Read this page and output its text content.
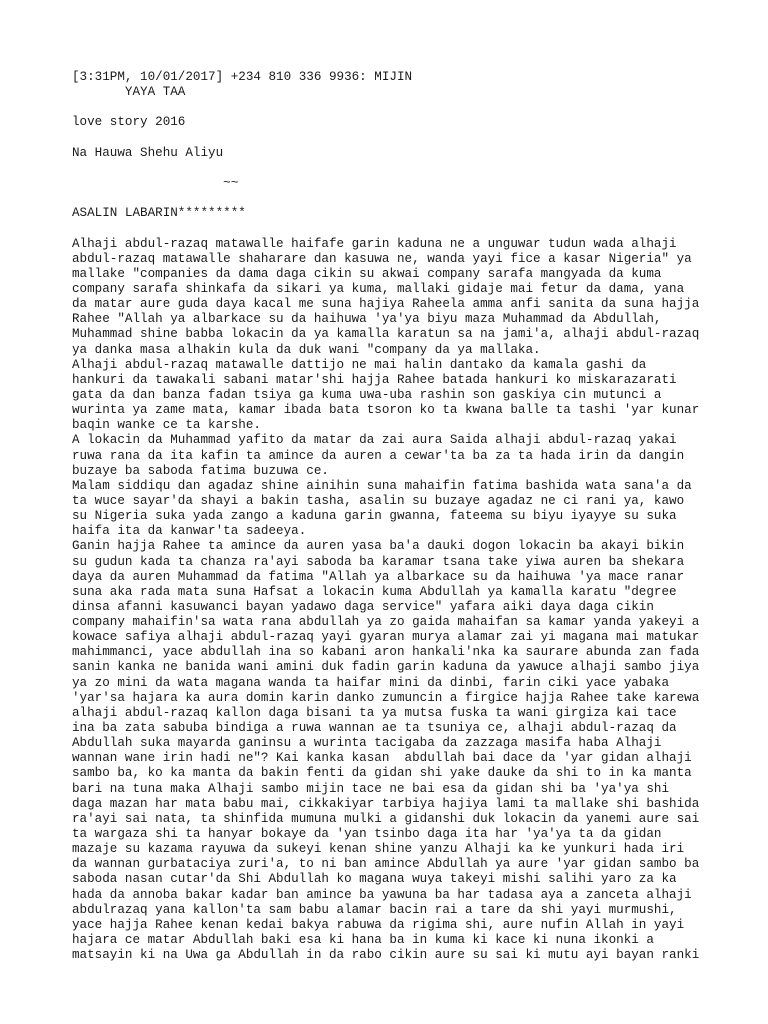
[3:31PM, 10/01/2017] +234 810 336 9936: MIJIN
YAYA TAA
love story 2016
Na Hauwa Shehu Aliyu
~~
ASALIN LABARIN*********
Alhaji abdul-razaq matawalle haifafe garin kaduna ne a unguwar tudun wada alhaji
abdul-razaq matawalle shaharare dan kasuwa ne, wanda yayi fice a kasar Nigeria" ya
mallake "companies da dama daga cikin su akwai company sarafa mangyada da kuma
company sarafa shinkafa da sikari ya kuma, mallaki gidaje mai fetur da dama, yana
da matar aure guda daya kacal me suna hajiya Raheela amma anfi sanita da suna hajja
Rahee "Allah ya albarkace su da haihuwa 'ya'ya biyu maza Muhammad da Abdullah,
Muhammad shine babba lokacin da ya kamalla karatun sa na jami'a, alhaji abdul-razaq
ya danka masa alhakin kula da duk wani "company da ya mallaka.
Alhaji abdul-razaq matawalle dattijo ne mai halin dantako da kamala gashi da
hankuri da tawakali sabani matar'shi hajja Rahee batada hankuri ko miskarazarati
gata da dan banza fadan tsiya ga kuma uwa-uba rashin son gaskiya cin mutunci a
wurinta ya zame mata, kamar ibada bata tsoron ko ta kwana balle ta tashi 'yar kunar
baqin wanke ce ta karshe.
A lokacin da Muhammad yafito da matar da zai aura Saida alhaji abdul-razaq yakai
ruwa rana da ita kafin ta amince da auren a cewar'ta ba za ta hada irin da dangin
buzaye ba saboda fatima buzuwa ce.
Malam siddiqu dan agadaz shine ainihin suna mahaifin fatima bashida wata sana'a da
ta wuce sayar'da shayi a bakin tasha, asalin su buzaye agadaz ne ci rani ya, kawo
su Nigeria suka yada zango a kaduna garin gwanna, fateema su biyu iyayye su suka
haifa ita da kanwar'ta sadeeya.
Ganin hajja Rahee ta amince da auren yasa ba'a dauki dogon lokacin ba akayi bikin
su gudun kada ta chanza ra'ayi saboda ba karamar tsana take yiwa auren ba shekara
daya da auren Muhammad da fatima "Allah ya albarkace su da haihuwa 'ya mace ranar
suna aka rada mata suna Hafsat a lokacin kuma Abdullah ya kamalla karatu "degree
dinsa afanni kasuwanci bayan yadawo daga service" yafara aiki daya daga cikin
company mahaifin'sa wata rana abdullah ya zo gaida mahaifan sa kamar yanda yakeyi a
kowace safiya alhaji abdul-razaq yayi gyaran murya alamar zai yi magana mai matukar
mahimmanci, yace abdullah ina so kabani aron hankali'nka ka saurare abunda zan fada
sanin kanka ne banida wani amini duk fadin garin kaduna da yawuce alhaji sambo jiya
ya zo mini da wata magana wanda ta haifar mini da dinbi, farin ciki yace yabaka
'yar'sa hajara ka aura domin karin danko zumuncin a firgice hajja Rahee take karewa
alhaji abdul-razaq kallon daga bisani ta ya mutsa fuska ta wani girgiza kai tace
ina ba zata sabuba bindiga a ruwa wannan ae ta tsuniya ce, alhaji abdul-razaq da
Abdullah suka mayarda ganinsu a wurinta tacigaba da zazzaga masifa haba Alhaji
wannan wane irin hadi ne"? Kai kanka kasan  abdullah bai dace da 'yar gidan alhaji
sambo ba, ko ka manta da bakin fenti da gidan shi yake dauke da shi to in ka manta
bari na tuna maka Alhaji sambo mijin tace ne bai esa da gidan shi ba 'ya'ya shi
daga mazan har mata babu mai, cikkakiyar tarbiya hajiya lami ta mallake shi bashida
ra'ayi sai nata, ta shinfida mumuna mulki a gidanshi duk lokacin da yanemi aure sai
ta wargaza shi ta hanyar bokaye da 'yan tsinbo daga ita har 'ya'ya ta da gidan
mazaje su kazama rayuwa da sukeyi kenan shine yanzu Alhaji ka ke yunkuri hada iri
da wannan gurbataciya zuri'a, to ni ban amince Abdullah ya aure 'yar gidan sambo ba
saboda nasan cutar'da Shi Abdullah ko magana wuya takeyi mishi salihi yaro za ka
hada da annoba bakar kadar ban amince ba yawuna ba har tadasa aya a zanceta alhaji
abdulrazaq yana kallon'ta sam babu alamar bacin rai a tare da shi yayi murmushi,
yace hajja Rahee kenan kedai bakya rabuwa da rigima shi, aure nufin Allah in yayi
hajara ce matar Abdullah baki esa ki hana ba in kuma ki kace ki nuna ikonki a
matsayin ki na Uwa ga Abdullah in da rabo cikin aure su sai ki mutu ayi bayan ranki
